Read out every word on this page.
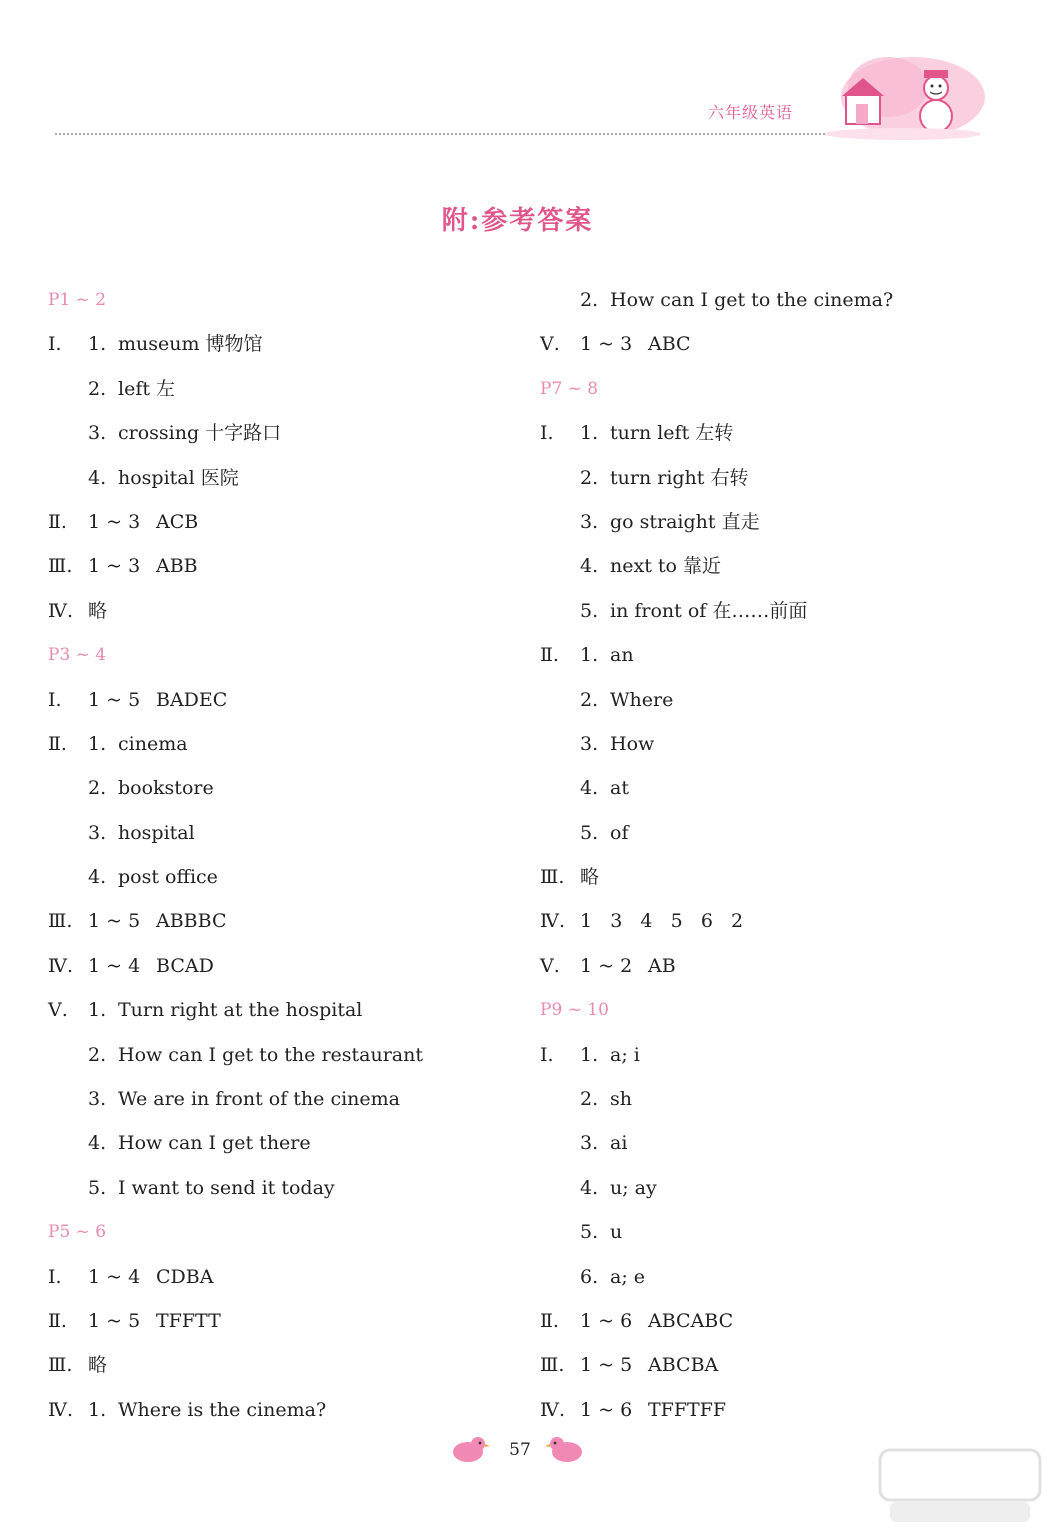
六年级英语
附:参考答案
P1 ~ 2
Ⅰ. 1. museum 博物馆
2. left 左
3. crossing 十字路口
4. hospital 医院
Ⅱ. 1 ~ 3 ACB
Ⅲ. 1 ~ 3 ABB
Ⅳ. 略
P3 ~ 4
Ⅰ. 1 ~ 5 BADEC
Ⅱ. 1. cinema
2. bookstore
3. hospital
4. post office
Ⅲ. 1 ~ 5 ABBBC
Ⅳ. 1 ~ 4 BCAD
Ⅴ. 1. Turn right at the hospital
2. How can I get to the restaurant
3. We are in front of the cinema
4. How can I get there
5. I want to send it today
P5 ~ 6
Ⅰ. 1 ~ 4 CDBA
Ⅱ. 1 ~ 5 TFFTT
Ⅲ. 略
Ⅳ. 1. Where is the cinema?
2. How can I get to the cinema?
Ⅴ. 1 ~ 3 ABC
P7 ~ 8
Ⅰ. 1. turn left 左转
2. turn right 右转
3. go straight 直走
4. next to 靠近
5. in front of 在……前面
Ⅱ. 1. an
2. Where
3. How
4. at
5. of
Ⅲ. 略
Ⅳ. 1   3   4   5   6   2
Ⅴ. 1 ~ 2 AB
P9 ~ 10
Ⅰ. 1. a; i
2. sh
3. ai
4. u; ay
5. u
6. a; e
Ⅱ. 1 ~ 6 ABCABC
Ⅲ. 1 ~ 5 ABCBA
Ⅳ. 1 ~ 6 TFFTFF
57
